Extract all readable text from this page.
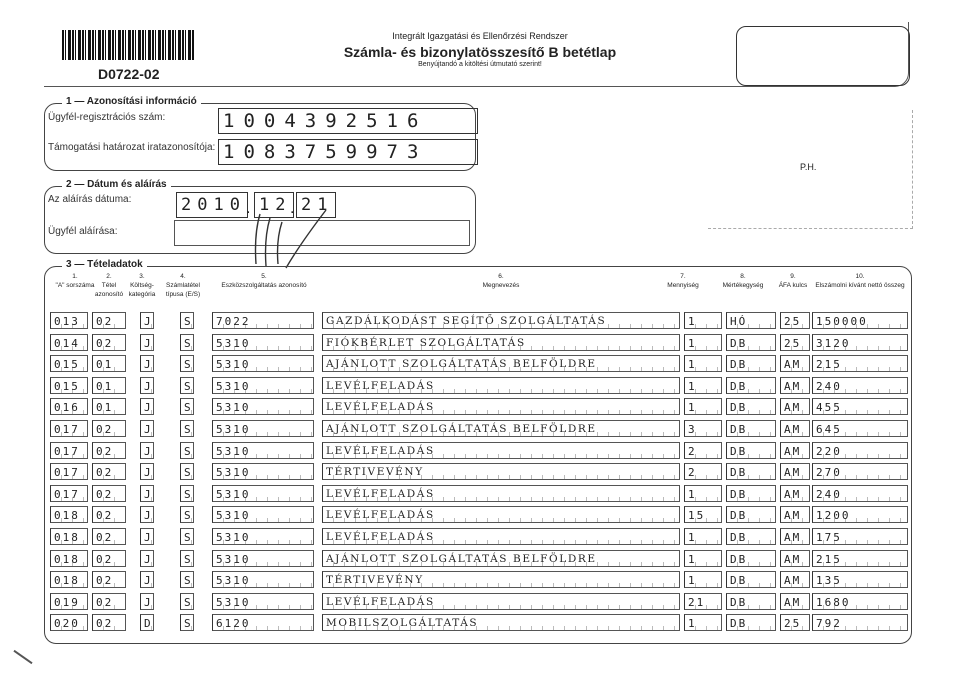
D0722-02
Integrált Igazgatási és Ellenőrzési Rendszer
Számla- és bizonylatösszesítő B betétlap
Benyújtandó a kitöltési útmutató szerint!
1 — Azonosítási információ
Ügyfél-regisztrációs szám:	1004392516
Támogatási határozat iratazonosítója: 1083759973
P.H.
2 — Dátum és aláírás
Az aláírás dátuma:	2010 . 12
. 21
Ügyfél aláírása:
3 — Tételadatok
1.
"A" sorszáma
2.
Tétel azonosító
3.
Költség-kategória
4.
Számlatétel típusa (E/S)
5.
Eszközszolgáltatás azonosító
6.
Megnevezés
7.
Mennyiség
8.
Mértékegység
9.
ÁFA kulcs
10.
Elszámolni kívánt nettó összeg
013	02	J	S	7022	GAZDÁLKODÁST SEGÍTŐ SZOLGÁLTATÁS	1	HÓ	25	150000
014	02	J	S	5310	FIÓKBÉRLET SZOLGÁLTATÁS	1	DB	25	3120
015	01	J	S	5310	AJÁNLOTT SZOLGÁLTATÁS BELFÖLDRE	1	DB	AM	215
015	01	J	S	5310	LEVÉLFELADÁS	1	DB	AM	240
016	01	J	S	5310	LEVÉLFELADÁS	1	DB	AM	455
017	02	J	S	5310	AJÁNLOTT SZOLGÁLTATÁS BELFÖLDRE	3	DB	AM	645
017	02	J	S	5310	LEVÉLFELADÁS	2	DB	AM	220
017	02	J	S	5310	TÉRTIVEVÉNY	2	DB	AM	270
017	02	J	S	5310	LEVÉLFELADÁS	1	DB	AM	240
018	02	J	S	5310	LEVÉLFELADÁS	15	DB	AM	1200
018	02	J	S	5310	LEVÉLFELADÁS	1	DB	AM	175
018	02	J	S	5310	AJÁNLOTT SZOLGÁLTATÁS BELFÖLDRE	1	DB	AM	215
018	02	J	S	5310	TÉRTIVEVÉNY	1	DB	AM	135
019	02	J	S	5310	LEVÉLFELADÁS	21	DB	AM	1680
020	02	D	S	6120	MOBILSZOLGÁLTATÁS	1	DB	25	792
